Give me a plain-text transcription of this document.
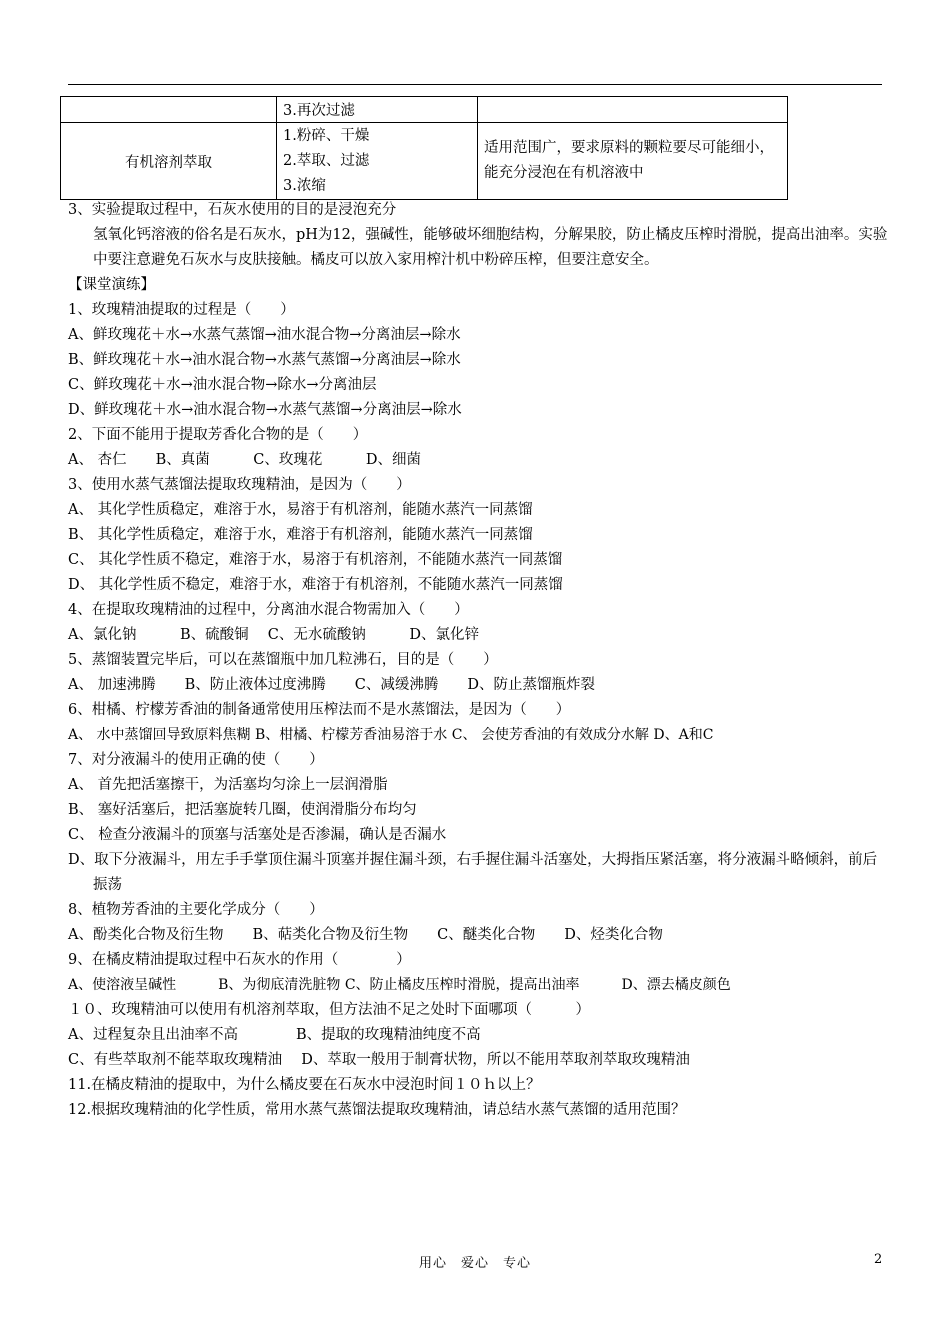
	3.再次过滤	
有机溶剂萃取	1.粉碎、干燥
2.萃取、过滤
3.浓缩	适用范围广，要求原料的颗粒要尽可能细小，能充分浸泡在有机溶液中
3、实验提取过程中，石灰水使用的目的是浸泡充分
氢氧化钙溶液的俗名是石灰水，pH为12，强碱性，能够破坏细胞结构，分解果胶，防止橘皮压榨时滑脱，提高出油率。实验中要注意避免石灰水与皮肤接触。橘皮可以放入家用榨汁机中粉碎压榨，但要注意安全。
【课堂演练】
1、玫瑰精油提取的过程是（　　）
A、鲜玫瑰花＋水→水蒸气蒸馏→油水混合物→分离油层→除水
B、鲜玫瑰花＋水→油水混合物→水蒸气蒸馏→分离油层→除水
C、鲜玫瑰花＋水→油水混合物→除水→分离油层
D、鲜玫瑰花＋水→油水混合物→水蒸气蒸馏→分离油层→除水
2、下面不能用于提取芳香化合物的是（　　）
A、 杏仁　　B、真菌　　　C、玫瑰花　　　D、细菌
3、使用水蒸气蒸馏法提取玫瑰精油，是因为（　　）
A、 其化学性质稳定，难溶于水，易溶于有机溶剂，能随水蒸汽一同蒸馏
B、 其化学性质稳定，难溶于水，难溶于有机溶剂，能随水蒸汽一同蒸馏
C、 其化学性质不稳定，难溶于水，易溶于有机溶剂，不能随水蒸汽一同蒸馏
D、 其化学性质不稳定，难溶于水，难溶于有机溶剂，不能随水蒸汽一同蒸馏
4、在提取玫瑰精油的过程中，分离油水混合物需加入（　　）
A、氯化钠　　　B、硫酸铜　 C、无水硫酸钠　　　D、氯化锌
5、蒸馏装置完毕后，可以在蒸馏瓶中加几粒沸石，目的是（　　）
A、 加速沸腾　　B、防止液体过度沸腾　　C、减缓沸腾　　D、防止蒸馏瓶炸裂
6、柑橘、柠檬芳香油的制备通常使用压榨法而不是水蒸馏法，是因为（　　）
A、 水中蒸馏回导致原料焦糊 B、柑橘、柠檬芳香油易溶于水 C、 会使芳香油的有效成分水解 D、A和C
7、对分液漏斗的使用正确的使（　　）
A、 首先把活塞擦干，为活塞均匀涂上一层润滑脂
B、 塞好活塞后，把活塞旋转几圈，使润滑脂分布均匀
C、 检查分液漏斗的顶塞与活塞处是否渗漏，确认是否漏水
D、取下分液漏斗，用左手手掌顶住漏斗顶塞并握住漏斗颈，右手握住漏斗活塞处，大拇指压紧活塞，将分液漏斗略倾斜，前后振荡
8、植物芳香油的主要化学成分（　　）
A、酚类化合物及衍生物　　B、萜类化合物及衍生物　　C、醚类化合物　　D、烃类化合物
9、在橘皮精油提取过程中石灰水的作用（　　　　）
A、使溶液呈碱性　　　B、为彻底清洗脏物 C、防止橘皮压榨时滑脱，提高出油率　　　D、漂去橘皮颜色
１０、玫瑰精油可以使用有机溶剂萃取，但方法油不足之处时下面哪项（　　　）
A、过程复杂且出油率不高　　　　B、提取的玫瑰精油纯度不高
C、有些萃取剂不能萃取玫瑰精油　 D、萃取一般用于制膏状物，所以不能用萃取剂萃取玫瑰精油
11.在橘皮精油的提取中，为什么橘皮要在石灰水中浸泡时间１０ｈ以上？
12.根据玫瑰精油的化学性质，常用水蒸气蒸馏法提取玫瑰精油，请总结水蒸气蒸馏的适用范围？
用心　爱心　专心	2
